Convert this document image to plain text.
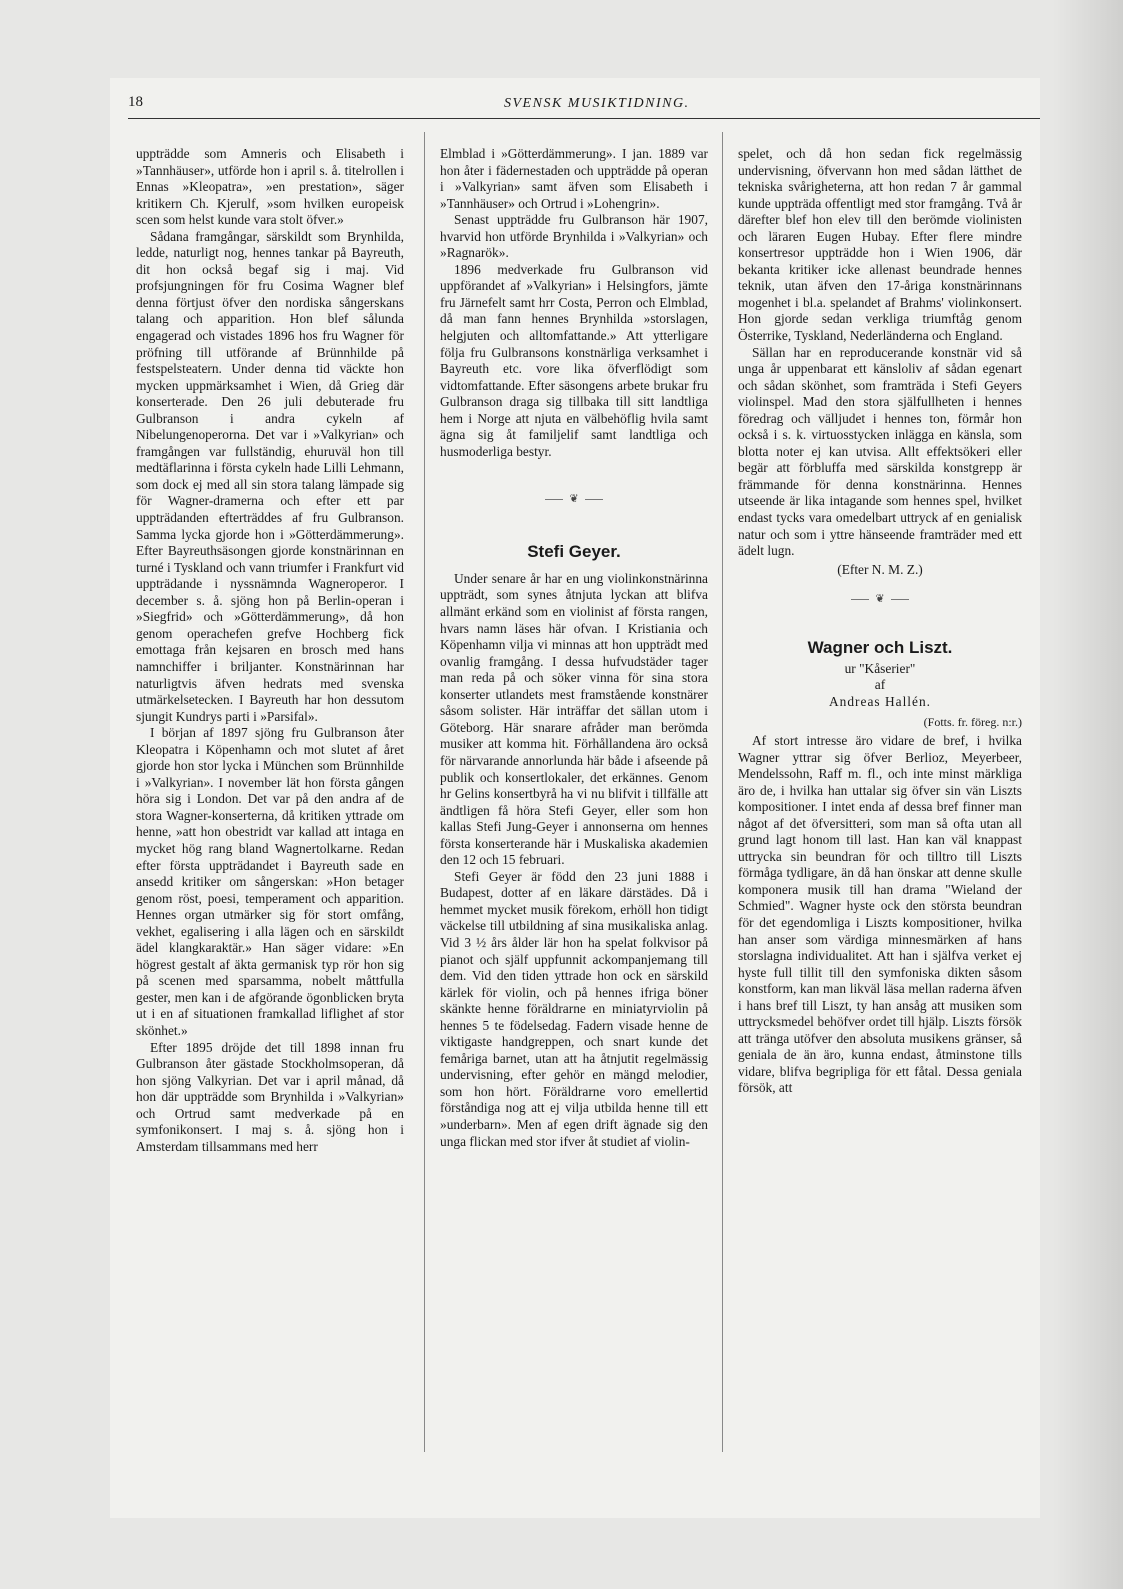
18	SVENSK MUSIKTIDNING.

uppträdde som Amneris och Elisabeth i »Tannhäuser», utförde hon i april s. å. titelrollen i Ennas »Kleopatra», »en prestation», säger kritikern Ch. Kjerulf, »som hvilken europeisk scen som helst kunde vara stolt öfver.»

Sådana framgångar, särskildt som Brynhilda, ledde, naturligt nog, hennes tankar på Bayreuth, dit hon också begaf sig i maj. Vid profsjungningen för fru Cosima Wagner blef denna förtjust öfver den nordiska sångerskans talang och apparition. Hon blef sålunda engagerad och vistades 1896 hos fru Wagner för pröfning till utförande af Brünnhilde på festspelsteatern. Under denna tid väckte hon mycken uppmärksamhet i Wien, då Grieg där konserterade. Den 26 juli debuterade fru Gulbranson i andra cykeln af Nibelungenoperorna. Det var i »Valkyrian» och framgången var fullständig, ehuruväl hon till medtäflarinna i första cykeln hade Lilli Lehmann, som dock ej med all sin stora talang lämpade sig för Wagner-dramerna och efter ett par uppträdanden efterträddes af fru Gulbranson. Samma lycka gjorde hon i »Götterdämmerung». Efter Bayreuthsäsongen gjorde konstnärinnan en turné i Tyskland och vann triumfer i Frankfurt vid uppträdande i nyssnämnda Wagneroperor. I december s. å. sjöng hon på Berlin-operan i »Siegfrid» och »Götterdämmerung», då hon genom operachefen grefve Hochberg fick emottaga från kejsaren en brosch med hans namnchiffer i briljanter. Konstnärinnan har naturligtvis äfven hedrats med svenska utmärkelsetecken. I Bayreuth har hon dessutom sjungit Kundrys parti i »Parsifal».

I början af 1897 sjöng fru Gulbranson åter Kleopatra i Köpenhamn och mot slutet af året gjorde hon stor lycka i München som Brünnhilde i »Valkyrian». I november lät hon första gången höra sig i London. Det var på den andra af de stora Wagner-konserterna, då kritiken yttrade om henne, »att hon obestridt var kallad att intaga en mycket hög rang bland Wagnertolkarne. Redan efter första uppträdandet i Bayreuth sade en ansedd kritiker om sångerskan: »Hon betager genom röst, poesi, temperament och apparition. Hennes organ utmärker sig för stort omfång, vekhet, egalisering i alla lägen och en särskildt ädel klangkaraktär.» Han säger vidare: »En högrest gestalt af äkta germanisk typ rör hon sig på scenen med sparsamma, nobelt måttfulla gester, men kan i de afgörande ögonblicken bryta ut i en af situationen framkallad liflighet af stor skönhet.»

Efter 1895 dröjde det till 1898 innan fru Gulbranson åter gästade Stockholmsoperan, då hon sjöng Valkyrian. Det var i april månad, då hon där uppträdde som Brynhilda i »Valkyrian» och Ortrud samt medverkade på en symfonikonsert. I maj s. å. sjöng hon i Amsterdam tillsammans med herr

Elmblad i »Götterdämmerung». I jan. 1889 var hon åter i fädernestaden och uppträdde på operan i »Valkyrian» samt äfven som Elisabeth i »Tannhäuser» och Ortrud i »Lohengrin».

Senast uppträdde fru Gulbranson här 1907, hvarvid hon utförde Brynhilda i »Valkyrian» och »Ragnarök».

1896 medverkade fru Gulbranson vid uppförandet af »Valkyrian» i Helsingfors, jämte fru Järnefelt samt hrr Costa, Perron och Elmblad, då man fann hennes Brynhilda »storslagen, helgjuten och alltomfattande.» Att ytterligare följa fru Gulbransons konstnärliga verksamhet i Bayreuth etc. vore lika öfverflödigt som vidtomfattande. Efter säsongens arbete brukar fru Gulbranson draga sig tillbaka till sitt landtliga hem i Norge att njuta en välbehöflig hvila samt ägna sig åt familjelif samt landtliga och husmoderliga bestyr.

❦
Stefi Geyer.

Under senare år har en ung violinkonstnärinna uppträdt, som synes åtnjuta lyckan att blifva allmänt erkänd som en violinist af första rangen, hvars namn läses här ofvan. I Kristiania och Köpenhamn vilja vi minnas att hon uppträdt med ovanlig framgång. I dessa hufvudstäder tager man reda på och söker vinna för sina stora konserter utlandets mest framstående konstnärer såsom solister. Här inträffar det sällan utom i Göteborg. Här snarare afråder man berömda musiker att komma hit. Förhållandena äro också för närvarande annorlunda här både i afseende på publik och konsertlokaler, det erkännes. Genom hr Gelins konsertbyrå ha vi nu blifvit i tillfälle att ändtligen få höra Stefi Geyer, eller som hon kallas Stefi Jung-Geyer i annonserna om hennes första konserterande här i Muskaliska akademien den 12 och 15 februari.

Stefi Geyer är född den 23 juni 1888 i Budapest, dotter af en läkare därstädes. Då i hemmet mycket musik förekom, erhöll hon tidigt väckelse till utbildning af sina musikaliska anlag. Vid 3 ½ års ålder lär hon ha spelat folkvisor på pianot och själf uppfunnit ackompanjemang till dem. Vid den tiden yttrade hon ock en särskild kärlek för violin, och på hennes ifriga böner skänkte henne föräldrarne en miniatyrviolin på hennes 5 te födelsedag. Fadern visade henne de viktigaste handgreppen, och snart kunde det femåriga barnet, utan att ha åtnjutit regelmässig undervisning, efter gehör en mängd melodier, som hon hört. Föräldrarne voro emellertid förståndiga nog att ej vilja utbilda henne till ett »underbarn». Men af egen drift ägnade sig den unga flickan med stor ifver åt studiet af violin-

spelet, och då hon sedan fick regelmässig undervisning, öfvervann hon med sådan lätthet de tekniska svårigheterna, att hon redan 7 år gammal kunde uppträda offentligt med stor framgång. Två år därefter blef hon elev till den berömde violinisten och läraren Eugen Hubay. Efter flere mindre konsertresor uppträdde hon i Wien 1906, där bekanta kritiker icke allenast beundrade hennes teknik, utan äfven den 17-åriga konstnärinnans mogenhet i bl.a. spelandet af Brahms' violinkonsert. Hon gjorde sedan verkliga triumftåg genom Österrike, Tyskland, Nederländerna och England.

Sällan har en reproducerande konstnär vid så unga år uppenbarat ett känsloliv af sådan egenart och sådan skönhet, som framträda i Stefi Geyers violinspel. Mad den stora själfullheten i hennes föredrag och välljudet i hennes ton, förmår hon också i s. k. virtuosstycken inlägga en känsla, som blotta noter ej kan utvisa. Allt effektsökeri eller begär att förbluffa med särskilda konstgrepp är främmande för denna konstnärinna. Hennes utseende är lika intagande som hennes spel, hvilket endast tycks vara omedelbart uttryck af en genialisk natur och som i yttre hänseende framträder med ett ädelt lugn.

(Efter N. M. Z.)

❦
Wagner och Liszt.

ur "Kåserier"

af

Andreas Hallén.

(Fotts. fr. föreg. n:r.)

Af stort intresse äro vidare de bref, i hvilka Wagner yttrar sig öfver Berlioz, Meyerbeer, Mendelssohn, Raff m. fl., och inte minst märkliga äro de, i hvilka han uttalar sig öfver sin vän Liszts kompositioner. I intet enda af dessa bref finner man något af det öfversitteri, som man så ofta utan all grund lagt honom till last. Han kan väl knappast uttrycka sin beundran för och tilltro till Liszts förmåga tydligare, än då han önskar att denne skulle komponera musik till han drama "Wieland der Schmied". Wagner hyste ock den största beundran för det egendomliga i Liszts kompositioner, hvilka han anser som värdiga minnesmärken af hans storslagna individualitet. Att han i själfva verket ej hyste full tillit till den symfoniska dikten såsom konstform, kan man likväl läsa mellan raderna äfven i hans bref till Liszt, ty han ansåg att musiken som uttrycksmedel behöfver ordet till hjälp. Liszts försök att tränga utöfver den absoluta musikens gränser, så geniala de än äro, kunna endast, åtminstone tills vidare, blifva begripliga för ett fåtal. Dessa geniala försök, att
